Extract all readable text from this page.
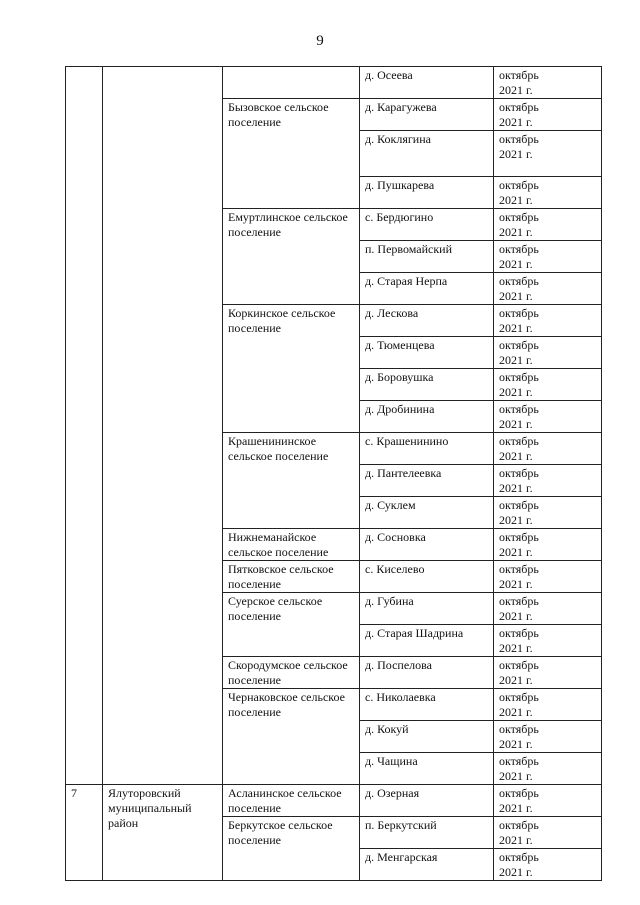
9
			д. Осеева	октябрь
2021 г.
		Бызовское сельское поселение	д. Карагужева	октябрь
2021 г.
			д. Коклягина	октябрь
2021 г.
			д. Пушкарева	октябрь
2021 г.
		Емуртлинское сельское поселение	с. Бердюгино	октябрь
2021 г.
			п. Первомайский	октябрь
2021 г.
			д. Старая Нерпа	октябрь
2021 г.
		Коркинское сельское поселение	д. Лескова	октябрь
2021 г.
			д. Тюменцева	октябрь
2021 г.
			д. Боровушка	октябрь
2021 г.
			д. Дробинина	октябрь
2021 г.
		Крашенининское сельское поселение	с. Крашенинино	октябрь
2021 г.
			д. Пантелеевка	октябрь
2021 г.
			д. Суклем	октябрь
2021 г.
		Нижнеманайское сельское поселение	д. Сосновка	октябрь
2021 г.
		Пятковское сельское поселение	с. Киселево	октябрь
2021 г.
		Суерское сельское поселение	д. Губина	октябрь
2021 г.
			д. Старая Шадрина	октябрь
2021 г.
		Скородумское сельское поселение	д. Поспелова	октябрь
2021 г.
		Чернаковское сельское поселение	с. Николаевка	октябрь
2021 г.
			д. Кокуй	октябрь
2021 г.
			д. Чащина	октябрь
2021 г.
7	Ялуторовский муниципальный район	Асланинское сельское поселение	д. Озерная	октябрь
2021 г.
		Беркутское сельское поселение	п. Беркутский	октябрь
2021 г.
			д. Менгарская	октябрь
2021 г.
